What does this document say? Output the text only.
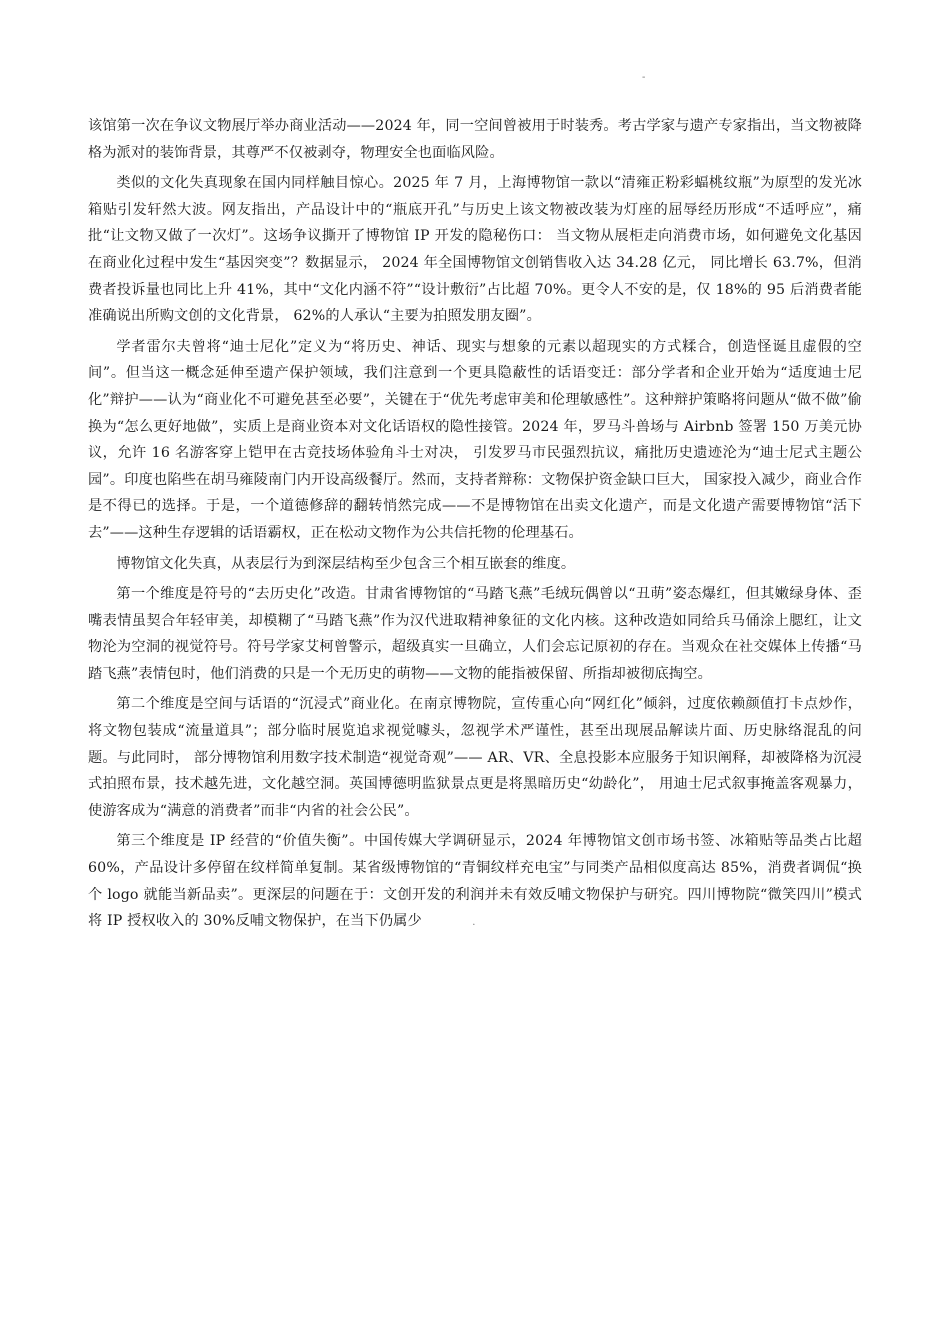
-

该馆第一次在争议文物展厅举办商业活动——2024 年，同一空间曾被用于时装秀。考古学家与遗产专家指出，当文物被降格为派对的装饰背景，其尊严不仅被剥夺，物理安全也面临风险。

类似的文化失真现象在国内同样触目惊心。2025 年 7 月，上海博物馆一款以“清雍正粉彩蝠桃纹瓶”为原型的发光冰箱贴引发轩然大波。网友指出，产品设计中的“瓶底开孔”与历史上该文物被改装为灯座的屈辱经历形成“不适呼应”，痛批“让文物又做了一次灯”。这场争议撕开了博物馆 IP 开发的隐秘伤口： 当文物从展柜走向消费市场，如何避免文化基因在商业化过程中发生“基因突变”？数据显示， 2024 年全国博物馆文创销售收入达 34.28 亿元， 同比增长 63.7%，但消费者投诉量也同比上升 41%，其中“文化内涵不符”“设计敷衍”占比超 70%。更令人不安的是，仅 18%的 95 后消费者能准确说出所购文创的文化背景， 62%的人承认“主要为拍照发朋友圈”。

学者雷尔夫曾将“迪士尼化”定义为“将历史、神话、现实与想象的元素以超现实的方式糅合，创造怪诞且虚假的空间”。但当这一概念延伸至遗产保护领域，我们注意到一个更具隐蔽性的话语变迁：部分学者和企业开始为“适度迪士尼化”辩护——认为“商业化不可避免甚至必要”，关键在于“优先考虑审美和伦理敏感性”。这种辩护策略将问题从“做不做”偷换为“怎么更好地做”，实质上是商业资本对文化话语权的隐性接管。2024 年，罗马斗兽场与 Airbnb 签署 150 万美元协议，允许 16 名游客穿上铠甲在古竞技场体验角斗士对决， 引发罗马市民强烈抗议，痛批历史遗迹沦为“迪士尼式主题公园”。印度也陷些在胡马雍陵南门内开设高级餐厅。然而，支持者辩称：文物保护资金缺口巨大， 国家投入减少，商业合作是不得已的选择。于是，一个道德修辞的翻转悄然完成——不是博物馆在出卖文化遗产，而是文化遗产需要博物馆“活下去”——这种生存逻辑的话语霸权，正在松动文物作为公共信托物的伦理基石。

博物馆文化失真，从表层行为到深层结构至少包含三个相互嵌套的维度。

第一个维度是符号的“去历史化”改造。甘肃省博物馆的“马踏飞燕”毛绒玩偶曾以“丑萌”姿态爆红，但其嫩绿身体、歪嘴表情虽契合年轻审美，却模糊了“马踏飞燕”作为汉代进取精神象征的文化内核。这种改造如同给兵马俑涂上腮红，让文物沦为空洞的视觉符号。符号学家艾柯曾警示，超级真实一旦确立，人们会忘记原初的存在。当观众在社交媒体上传播“马踏飞燕”表情包时，他们消费的只是一个无历史的萌物——文物的能指被保留、所指却被彻底掏空。

第二个维度是空间与话语的“沉浸式”商业化。在南京博物院，宣传重心向“网红化”倾斜，过度依赖颜值打卡点炒作，将文物包装成“流量道具”；部分临时展览追求视觉噱头，忽视学术严谨性，甚至出现展品解读片面、历史脉络混乱的问题。与此同时， 部分博物馆利用数字技术制造“视觉奇观”—— AR、VR、全息投影本应服务于知识阐释，却被降格为沉浸式拍照布景，技术越先进，文化越空洞。英国博德明监狱景点更是将黑暗历史“幼龄化”， 用迪士尼式叙事掩盖客观暴力，使游客成为“满意的消费者”而非“内省的社会公民”。

第三个维度是 IP 经营的“价值失衡”。中国传媒大学调研显示，2024 年博物馆文创市场书签、冰箱贴等品类占比超 60%，产品设计多停留在纹样简单复制。某省级博物馆的“青铜纹样充电宝”与同类产品相似度高达 85%，消费者调侃“换个 logo 就能当新品卖”。更深层的问题在于：文创开发的利润并未有效反哺文物保护与研究。四川博物院“微笑四川”模式将 IP 授权收入的 30%反哺文物保护，在当下仍属少	.
